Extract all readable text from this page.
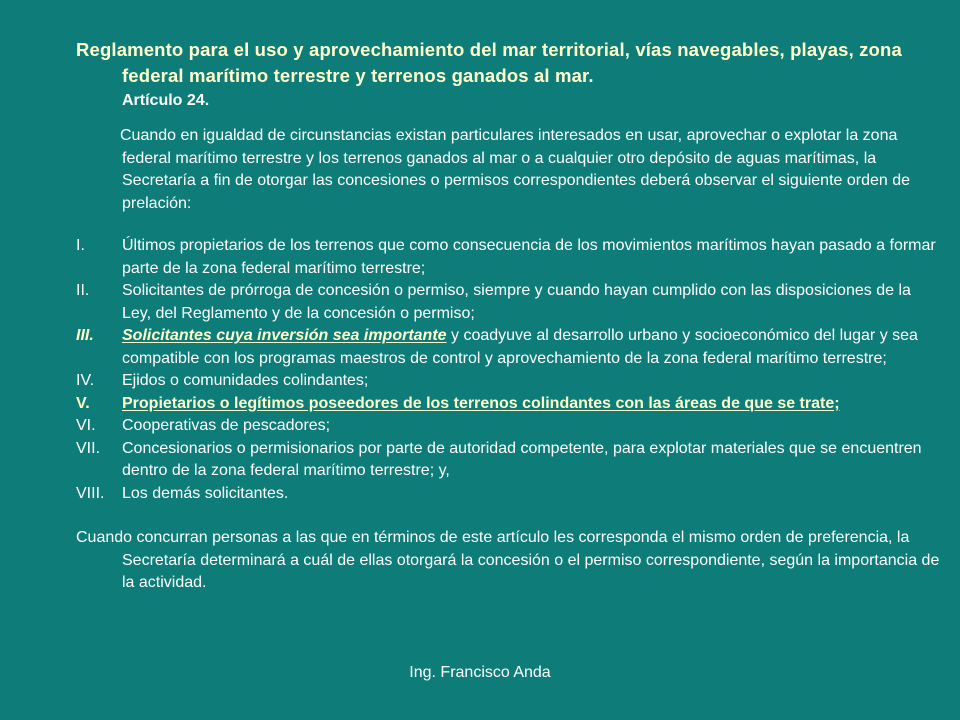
Reglamento para el uso y aprovechamiento del mar territorial, vías navegables, playas, zona federal marítimo terrestre y terrenos ganados al mar.
Artículo 24.
Cuando en igualdad de circunstancias existan particulares interesados en usar, aprovechar o explotar la zona federal marítimo terrestre y los terrenos ganados al mar o a cualquier otro depósito de aguas marítimas, la Secretaría a fin de otorgar las concesiones o permisos correspondientes deberá observar el siguiente orden de prelación:
I. Últimos propietarios de los terrenos que como consecuencia de los movimientos marítimos hayan pasado a formar parte de la zona federal marítimo terrestre;
II. Solicitantes de prórroga de concesión o permiso, siempre y cuando hayan cumplido con las disposiciones de la Ley, del Reglamento y de la concesión o permiso;
III. Solicitantes cuya inversión sea importante y coadyuve al desarrollo urbano y socioeconómico del lugar y sea compatible con los programas maestros de control y aprovechamiento de la zona federal marítimo terrestre;
IV. Ejidos o comunidades colindantes;
V. Propietarios o legítimos poseedores de los terrenos colindantes con las áreas de que se trate;
VI. Cooperativas de pescadores;
VII. Concesionarios o permisionarios por parte de autoridad competente, para explotar materiales que se encuentren dentro de la zona federal marítimo terrestre; y,
VIII. Los demás solicitantes.
Cuando concurran personas a las que en términos de este artículo les corresponda el mismo orden de preferencia, la Secretaría determinará a cuál de ellas otorgará la concesión o el permiso correspondiente, según la importancia de la actividad.
Ing. Francisco Anda
